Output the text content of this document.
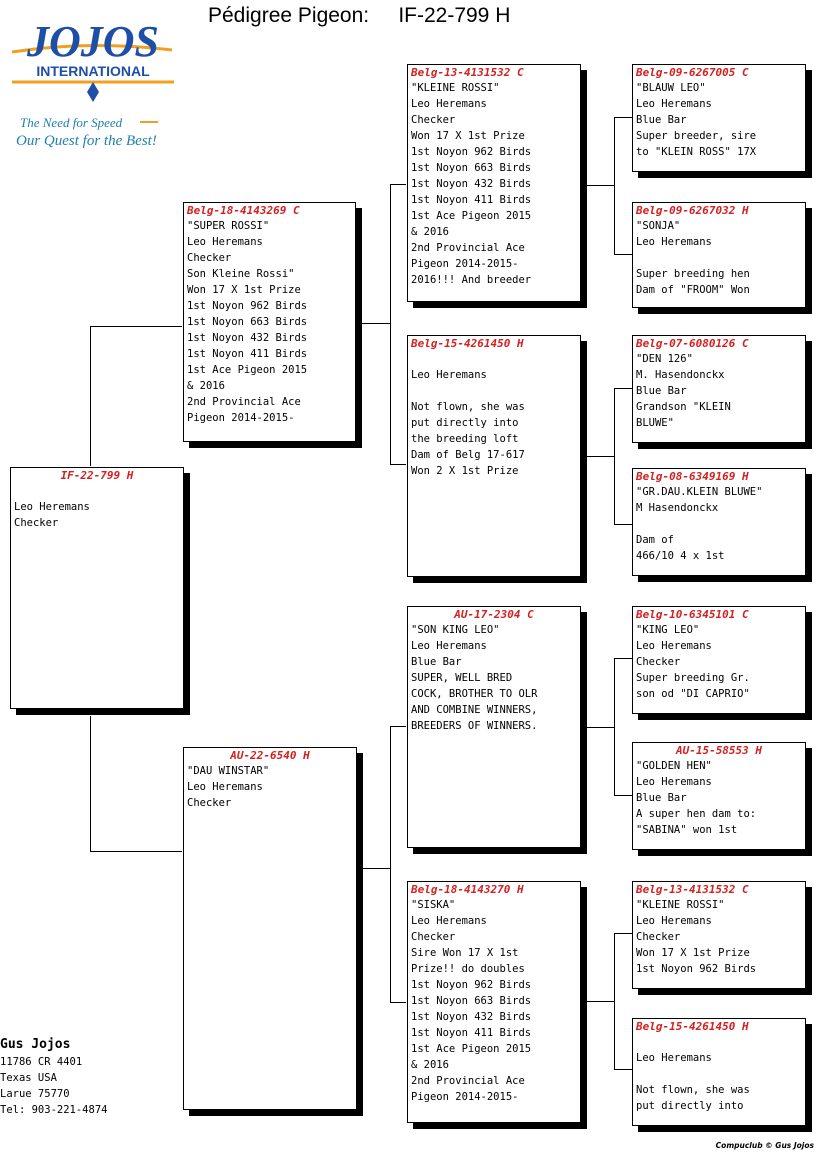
Pédigree Pigeon: IF-22-799 H
JOJOS
INTERNATIONAL
The Need for Speed
Our Quest for the Best!
IF-22-799 H
Leo Heremans
Checker
Belg-18-4143269 C
"SUPER ROSSI"
Leo Heremans
Checker
Son Kleine Rossi"
Won 17 X 1st Prize
1st Noyon 962 Birds
1st Noyon 663 Birds
1st Noyon 432 Birds
1st Noyon 411 Birds
1st Ace Pigeon 2015
& 2016
2nd Provincial Ace
Pigeon 2014-2015-
AU-22-6540 H
"DAU WINSTAR"
Leo Heremans
Checker
Belg-13-4131532 C
"KLEINE ROSSI"
Leo Heremans
Checker
Won 17 X 1st Prize
1st Noyon 962 Birds
1st Noyon 663 Birds
1st Noyon 432 Birds
1st Noyon 411 Birds
1st Ace Pigeon 2015
& 2016
2nd Provincial Ace
Pigeon 2014-2015-
2016!!! And breeder
Belg-15-4261450 H
Leo Heremans
Not flown, she was
put directly into
the breeding loft
Dam of Belg 17-617
Won 2 X 1st Prize
AU-17-2304 C
"SON KING LEO"
Leo Heremans
Blue Bar
SUPER, WELL BRED
COCK, BROTHER TO OLR
AND COMBINE WINNERS,
BREEDERS OF WINNERS.
Belg-18-4143270 H
"SISKA"
Leo Heremans
Checker
Sire Won 17 X 1st
Prize!! do doubles
1st Noyon 962 Birds
1st Noyon 663 Birds
1st Noyon 432 Birds
1st Noyon 411 Birds
1st Ace Pigeon 2015
& 2016
2nd Provincial Ace
Pigeon 2014-2015-
Belg-09-6267005 C
"BLAUW LEO"
Leo Heremans
Blue Bar
Super breeder, sire
to "KLEIN ROSS" 17X
Belg-09-6267032 H
"SONJA"
Leo Heremans
Super breeding hen
Dam of "FROOM" Won
Belg-07-6080126 C
"DEN 126"
M. Hasendonckx
Blue Bar
Grandson "KLEIN
BLUWE"
Belg-08-6349169 H
"GR.DAU.KLEIN BLUWE"
M Hasendonckx
Dam of
466/10 4 x 1st
Belg-10-6345101 C
"KING LEO"
Leo Heremans
Checker
Super breeding Gr.
son od "DI CAPRIO"
AU-15-58553 H
"GOLDEN HEN"
Leo Heremans
Blue Bar
A super hen dam to:
"SABINA" won 1st
Belg-13-4131532 C
"KLEINE ROSSI"
Leo Heremans
Checker
Won 17 X 1st Prize
1st Noyon 962 Birds
Belg-15-4261450 H
Leo Heremans
Not flown, she was
put directly into
Gus Jojos
11786 CR 4401
Texas USA
Larue 75770
Tel: 903-221-4874
Compuclub © Gus Jojos
